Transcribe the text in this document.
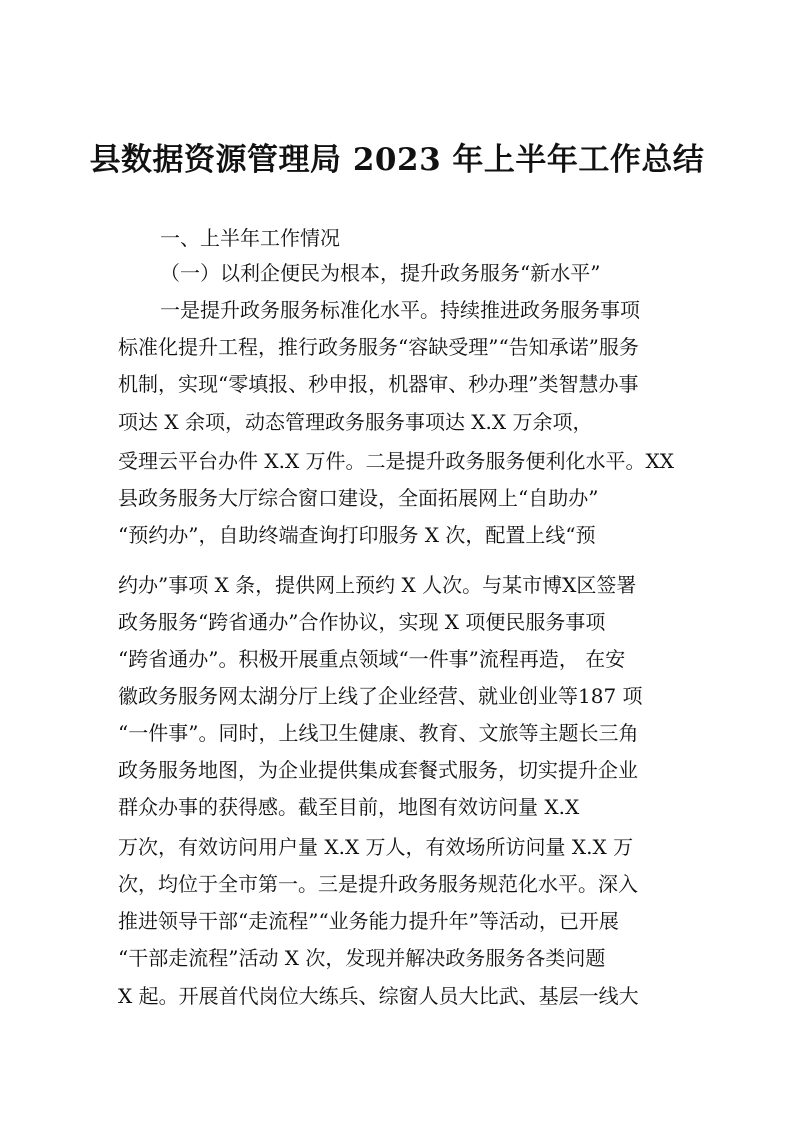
县数据资源管理局 2023 年上半年工作总结
一、上半年工作情况
（一）以利企便民为根本，提升政务服务“新水平”
一是提升政务服务标准化水平。持续推进政务服务事项
标准化提升工程，推行政务服务“容缺受理”“告知承诺”服务
机制，实现“零填报、秒申报，机器审、秒办理”类智慧办事
项达 X 余项，动态管理政务服务事项达 X.X 万余项，
受理云平台办件 X.X 万件。二是提升政务服务便利化水平。XX
县政务服务大厅综合窗口建设，全面拓展网上“自助办”
“预约办”，自助终端查询打印服务 X 次，配置上线“预
约办”事项 X 条，提供网上预约 X 人次。与某市博X区签署
政务服务“跨省通办”合作协议，实现 X 项便民服务事项
“跨省通办”。积极开展重点领域“一件事”流程再造， 在安
徽政务服务网太湖分厅上线了企业经营、就业创业等187 项
“一件事”。同时，上线卫生健康、教育、文旅等主题长三角
政务服务地图，为企业提供集成套餐式服务，切实提升企业
群众办事的获得感。截至目前，地图有效访问量 X.X
万次，有效访问用户量 X.X 万人，有效场所访问量 X.X 万
次，均位于全市第一。三是提升政务服务规范化水平。深入
推进领导干部“走流程”“业务能力提升年”等活动，已开展
“干部走流程”活动 X 次，发现并解决政务服务各类问题
X 起。开展首代岗位大练兵、综窗人员大比武、基层一线大
